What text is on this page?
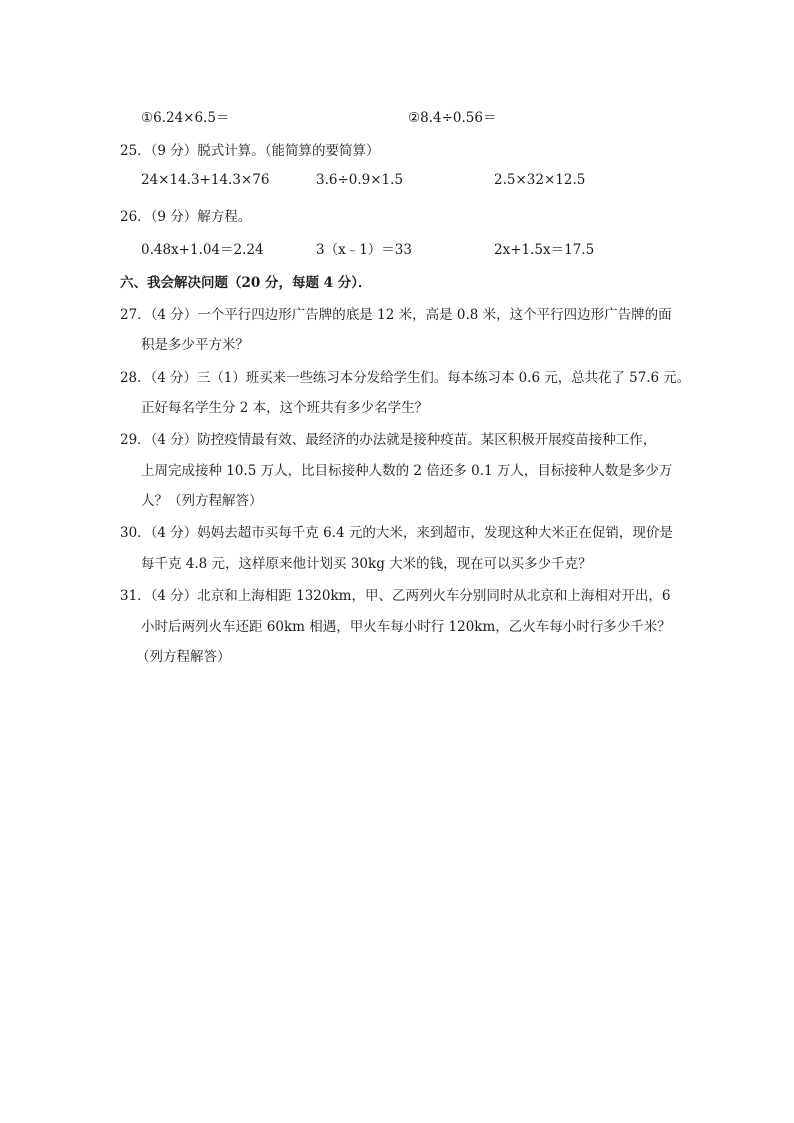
①6.24×6.5＝	②8.4÷0.56＝
25．（9 分）脱式计算。（能简算的要简算）
24×14.3+14.3×76	3.6÷0.9×1.5	2.5×32×12.5
26．（9 分）解方程。
0.48x+1.04＝2.24	3（x﹣1）＝33	2x+1.5x＝17.5
六、我会解决问题（20 分，每题 4 分）．
27．（4 分）一个平行四边形广告牌的底是 12 米，高是 0.8 米，这个平行四边形广告牌的面
积是多少平方米？
28．（4 分）三（1）班买来一些练习本分发给学生们。每本练习本 0.6 元，总共花了 57.6 元。
正好每名学生分 2 本，这个班共有多少名学生？
29．（4 分）防控疫情最有效、最经济的办法就是接种疫苗。某区积极开展疫苗接种工作，
上周完成接种 10.5 万人，比目标接种人数的 2 倍还多 0.1 万人，目标接种人数是多少万
人？（列方程解答）
30．（4 分）妈妈去超市买每千克 6.4 元的大米，来到超市，发现这种大米正在促销，现价是
每千克 4.8 元，这样原来他计划买 30kg 大米的钱，现在可以买多少千克？
31．（4 分）北京和上海相距 1320km，甲、乙两列火车分别同时从北京和上海相对开出，6
小时后两列火车还距 60km 相遇，甲火车每小时行 120km，乙火车每小时行多少千米？
（列方程解答）
